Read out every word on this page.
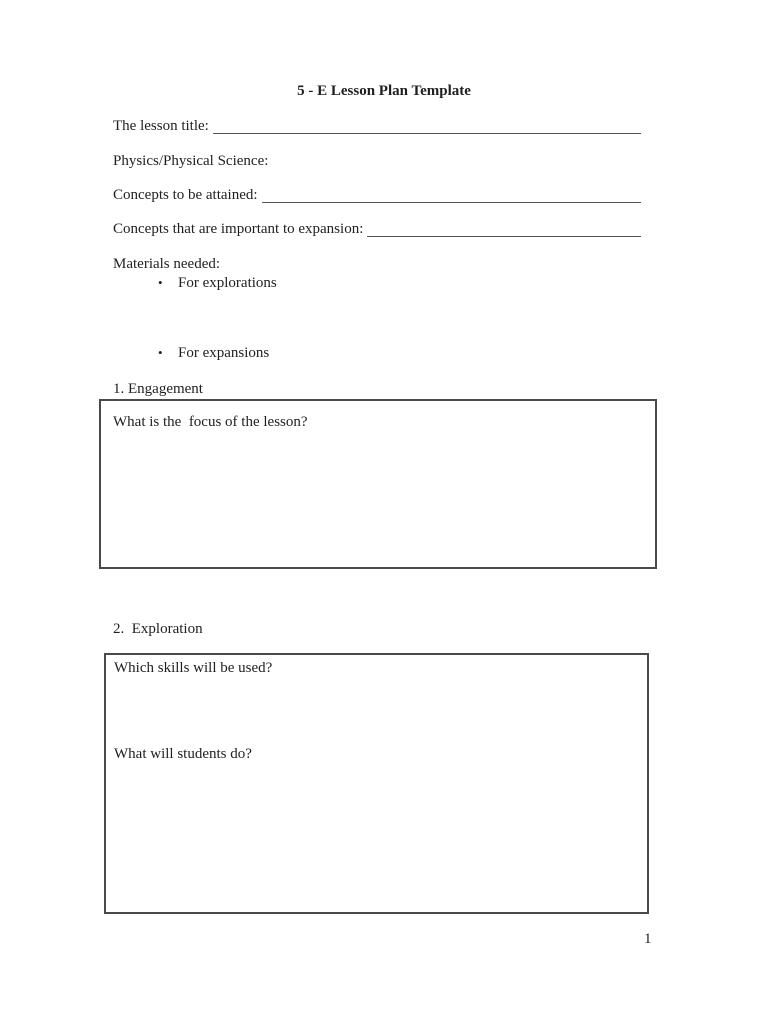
5 - E Lesson Plan Template
The lesson title:
Physics/Physical Science:
Concepts to be attained:
Concepts that are important to expansion:
Materials needed:
• For explorations
• For expansions
1. Engagement
What is the  focus of the lesson?
2.  Exploration
Which skills will be used?
What will students do?
1
